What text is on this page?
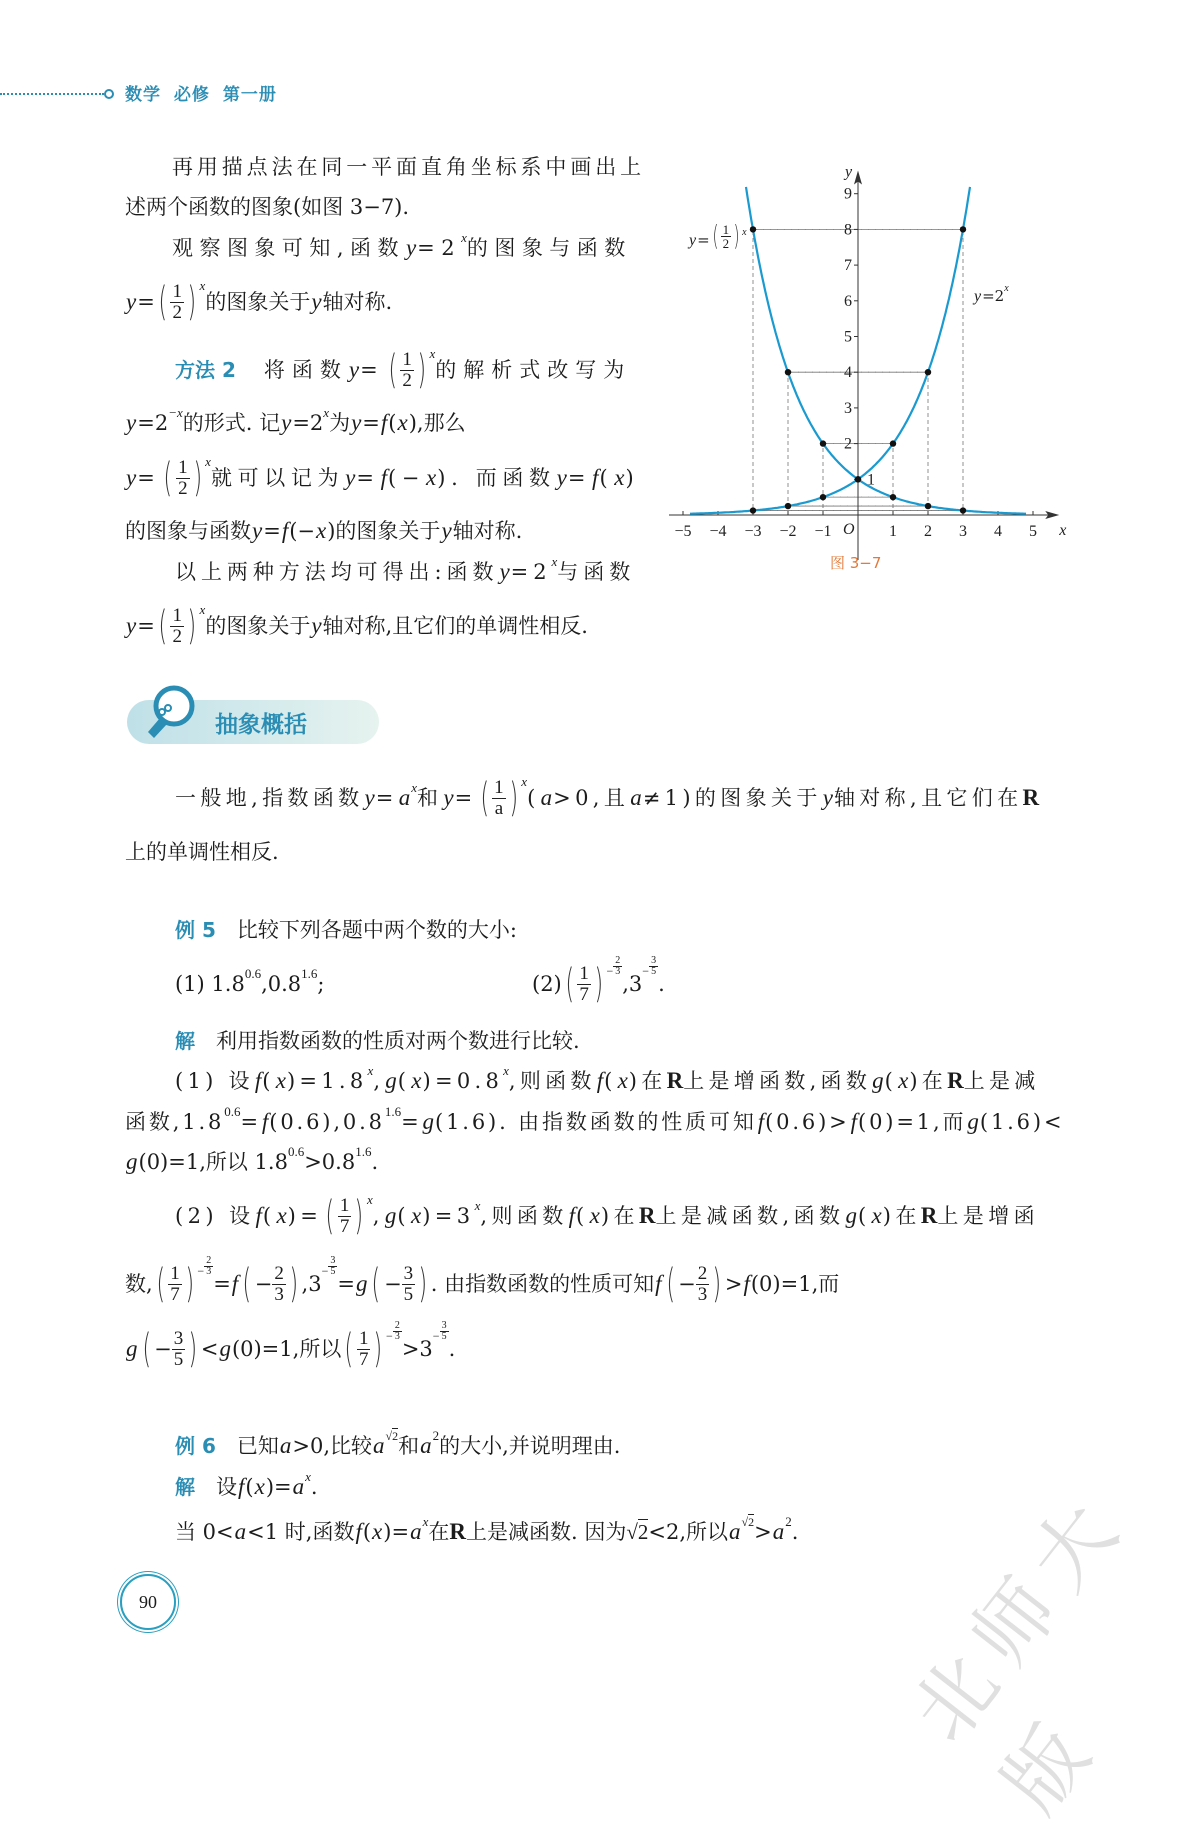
数学 必修 第一册
再用描点法在同一平面直角坐标系中画出上
述两个函数的图象(如图 3−7).
观察图象可知,函数 y = 2 x 的图象与函数
y = ( $\frac{1}{2}$ ) x
的图象关于 y 轴对称.
方法 2 　将函数 y = ( $\frac{1}{2}$ ) x
的解析式改写为
y =2 −x 的形式. 记 y =2 x 为 y = f ( x ),那么
y = ( $\frac{1}{2}$ ) x
就可以记为 y = f (− x ). 而函数 y = f ( x )
的图象与函数 y = f (− x )的图象关于 y 轴对称.
以上两种方法均可得出:函数 y =2 x 与函数
y = ( $\frac{1}{2}$ ) x
的图象关于 y 轴对称,且它们的单调性相反.
抽象概括
一般地,指数函数 y = a x 和 y = ( $\frac{1}{a}$ ) x
( a >0,且 a ≠1)的图象关于 y 轴对称,且它们在 R
上的单调性相反.
例 5 　比较下列各题中两个数的大小:
(1) 1.8 0.6 ,0.8 1.6 ;	(2) ( $\frac{1}{7}$ ) − $\frac{2}{3}$
,3
− $\frac{3}{5}$
.
解 　利用指数函数的性质对两个数进行比较.
(1) 设 f ( x )=1.8 x , g ( x )=0.8 x ,则函数 f ( x )在 R 上是增函数,函数 g ( x )在 R 上是减
函数,1.8 0.6 = f (0.6),0.8 1.6 = g (1.6). 由指数函数的性质可知 f (0.6)> f (0)=1,而 g (1.6)<
g (0)=1,所以 1.8 0.6 >0.8 1.6 .
(2) 设 f ( x )= ( $\frac{1}{7}$ ) x
, g ( x )=3 x ,则函数 f ( x )在 R 上是减函数,函数 g ( x )在 R 上是增函
数, ( $\frac{1}{7}$ ) − $\frac{2}{3}$
= f ( − $\frac{2}{3}$ ) ,3
− $\frac{3}{5}$
= g ( − $\frac{3}{5}$ ) . 由指数函数的性质可知 f ( − $\frac{2}{3}$ ) > f (0)=1,而
g ( − $\frac{3}{5}$ ) < g (0)=1,所以 ( $\frac{1}{7}$ ) − $\frac{2}{3}$
>3
− $\frac{3}{5}$
.
例 6 　已知 a >0,比较 a √2 和 a 2 的大小,并说明理由.
解 　设 f ( x )= a x .
当 0< a <1 时,函数 f ( x )= a x 在 R 上是减函数. 因为 √2 <2,所以 a √2 > a 2 .
−5 −4 −3 −2 −1	1 2 3 4 5
1
2
3
4
5
6
7
8
9
x
y
O
y= ( $\frac{1}{2}$ ) $^x$
$y=2^x$
图 3−7
90	北师大版
